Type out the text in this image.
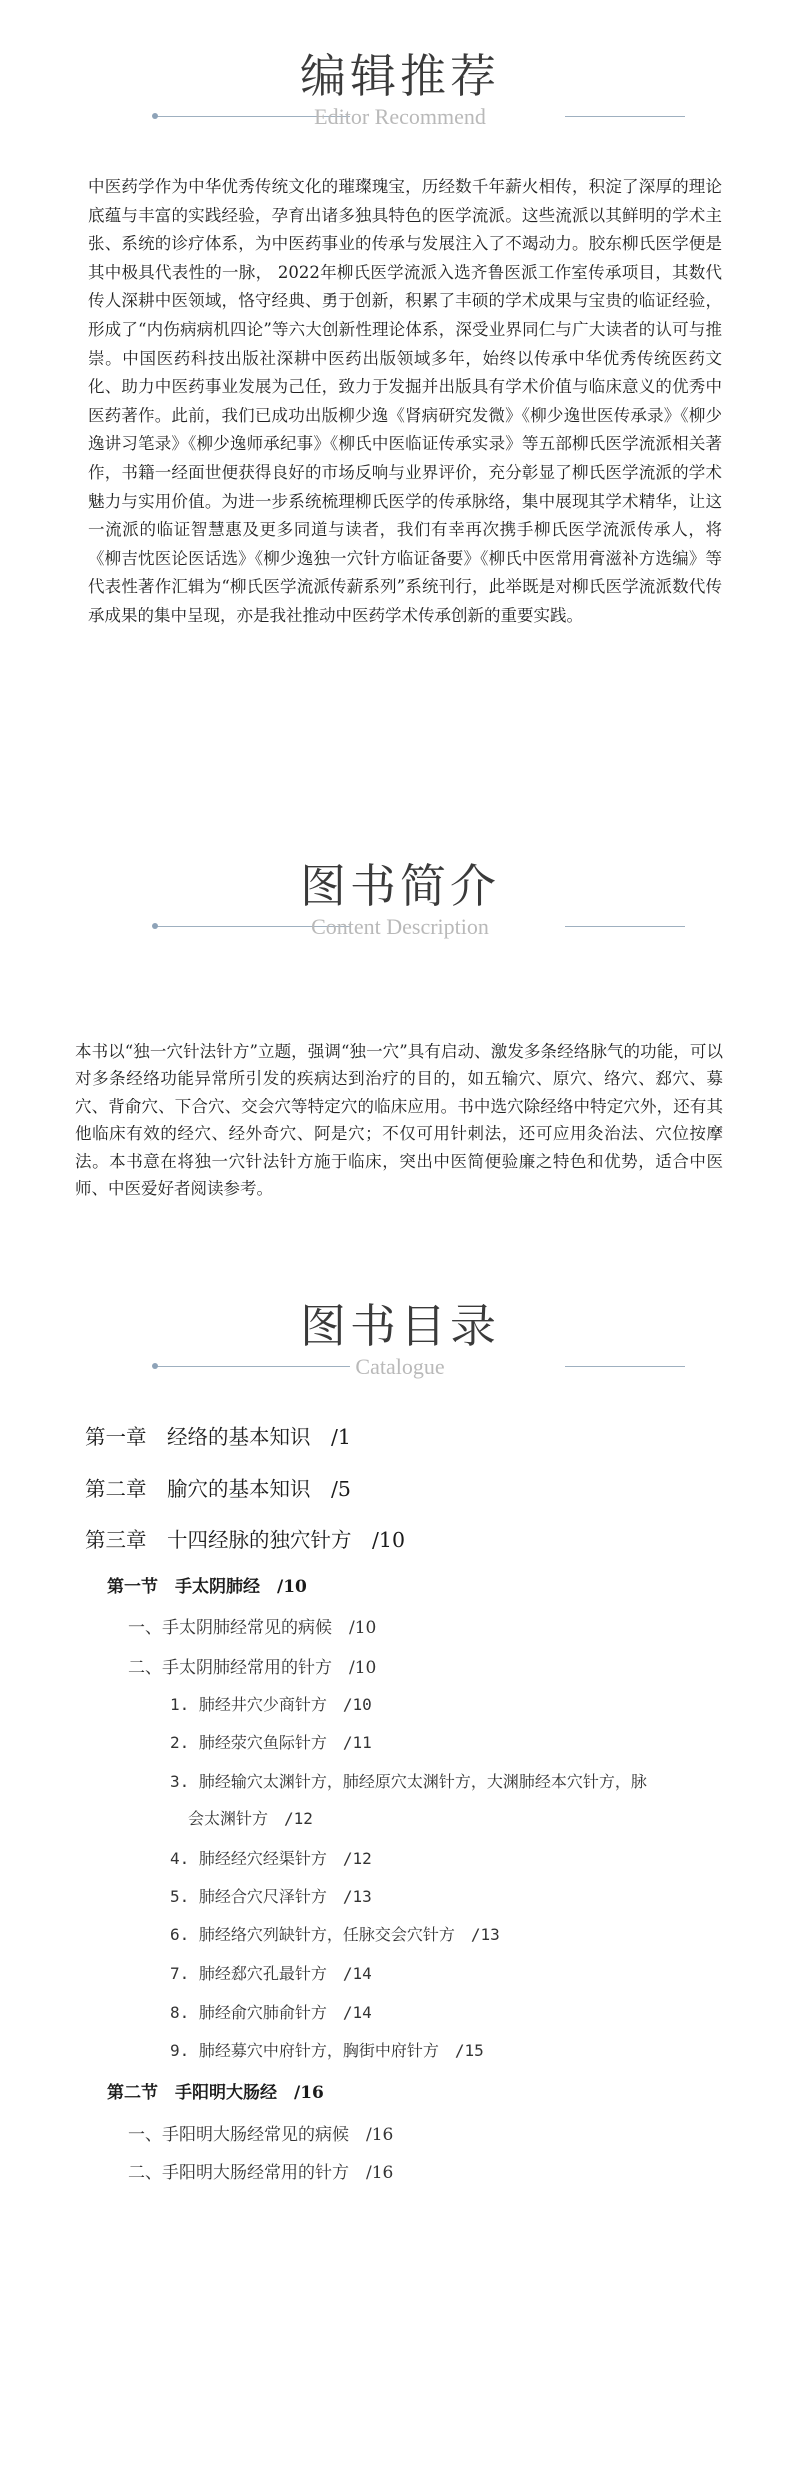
编辑推荐
Editor Recommend

中医药学作为中华优秀传统文化的璀璨瑰宝，历经数千年薪火相传，积淀了深厚的理论底蕴与丰富的实践经验，孕育出诸多独具特色的医学流派。这些流派以其鲜明的学术主张、系统的诊疗体系，为中医药事业的传承与发展注入了不竭动力。胶东柳氏医学便是其中极具代表性的一脉， 2022年柳氏医学流派入选齐鲁医派工作室传承项目，其数代传人深耕中医领域，恪守经典、勇于创新，积累了丰硕的学术成果与宝贵的临证经验，形成了“内伤病病机四论”等六大创新性理论体系，深受业界同仁与广大读者的认可与推崇。中国医药科技出版社深耕中医药出版领域多年，始终以传承中华优秀传统医药文化、助力中医药事业发展为己任，致力于发掘并出版具有学术价值与临床意义的优秀中医药著作。此前，我们已成功出版柳少逸《肾病研究发微》《柳少逸世医传承录》《柳少逸讲习笔录》《柳少逸师承纪事》《柳氏中医临证传承实录》等五部柳氏医学流派相关著作，书籍一经面世便获得良好的市场反响与业界评价，充分彰显了柳氏医学流派的学术魅力与实用价值。为进一步系统梳理柳氏医学的传承脉络，集中展现其学术精华，让这一流派的临证智慧惠及更多同道与读者，我们有幸再次携手柳氏医学流派传承人，将《柳吉忱医论医话选》《柳少逸独一穴针方临证备要》《柳氏中医常用膏滋补方选编》等代表性著作汇辑为“柳氏医学流派传薪系列”系统刊行，此举既是对柳氏医学流派数代传承成果的集中呈现，亦是我社推动中医药学术传承创新的重要实践。

图书简介
Content Description

本书以“独一穴针法针方”立题，强调“独一穴”具有启动、激发多条经络脉气的功能，可以对多条经络功能异常所引发的疾病达到治疗的目的，如五输穴、原穴、络穴、郄穴、募穴、背俞穴、下合穴、交会穴等特定穴的临床应用。书中选穴除经络中特定穴外，还有其他临床有效的经穴、经外奇穴、阿是穴；不仅可用针刺法，还可应用灸治法、穴位按摩法。本书意在将独一穴针法针方施于临床，突出中医简便验廉之特色和优势，适合中医师、中医爱好者阅读参考。

图书目录
Catalogue
第一章　经络的基本知识　/1
第二章　腧穴的基本知识　/5
第三章　十四经脉的独穴针方　/10
第一节　手太阴肺经　/10
一、手太阴肺经常见的病候　/10
二、手太阴肺经常用的针方　/10
1. 肺经井穴少商针方　/10
2. 肺经荥穴鱼际针方　/11
3. 肺经输穴太渊针方，肺经原穴太渊针方，大渊肺经本穴针方，脉
会太渊针方　/12
4. 肺经经穴经渠针方　/12
5. 肺经合穴尺泽针方　/13
6. 肺经络穴列缺针方，任脉交会穴针方　/13
7. 肺经郄穴孔最针方　/14
8. 肺经俞穴肺俞针方　/14
9. 肺经募穴中府针方，胸街中府针方　/15
第二节　手阳明大肠经　/16
一、手阳明大肠经常见的病候　/16
二、手阳明大肠经常用的针方　/16
